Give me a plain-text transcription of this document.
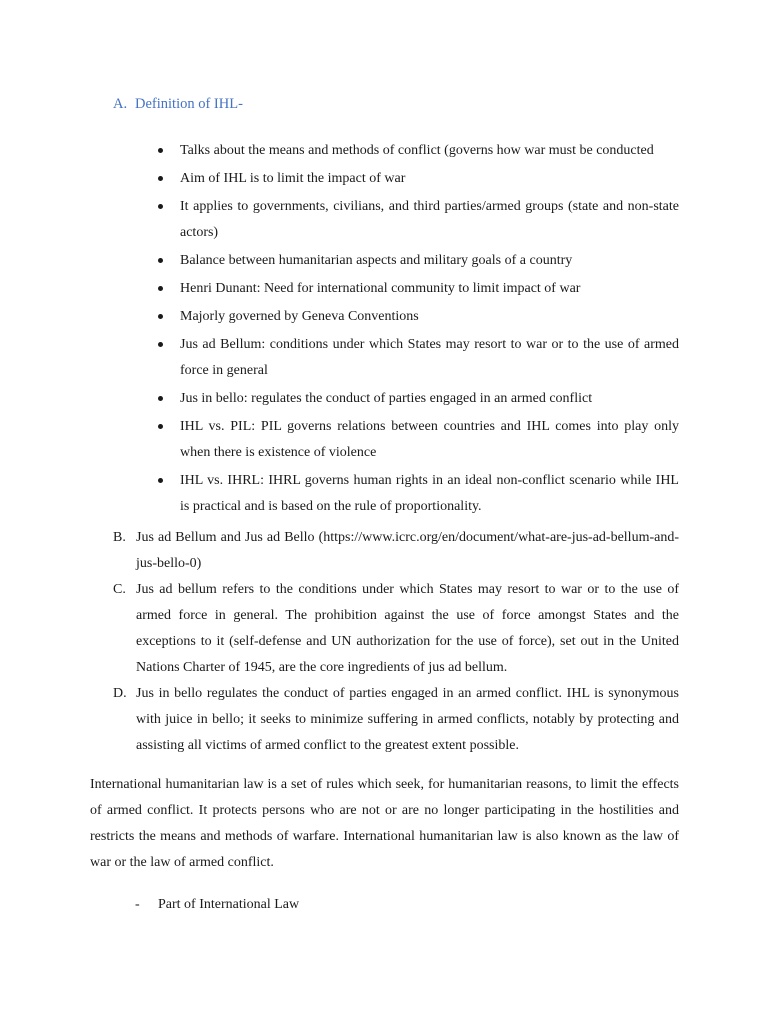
A. Definition of IHL-
Talks about the means and methods of conflict (governs how war must be conducted
Aim of IHL is to limit the impact of war
It applies to governments, civilians, and third parties/armed groups (state and non-state actors)
Balance between humanitarian aspects and military goals of a country
Henri Dunant: Need for international community to limit impact of war
Majorly governed by Geneva Conventions
Jus ad Bellum: conditions under which States may resort to war or to the use of armed force in general
Jus in bello: regulates the conduct of parties engaged in an armed conflict
IHL vs. PIL: PIL governs relations between countries and IHL comes into play only when there is existence of violence
IHL vs. IHRL: IHRL governs human rights in an ideal non-conflict scenario while IHL is practical and is based on the rule of proportionality.
B. Jus ad Bellum and Jus ad Bello (https://www.icrc.org/en/document/what-are-jus-ad-bellum-and-jus-bello-0)
C. Jus ad bellum refers to the conditions under which States may resort to war or to the use of armed force in general. The prohibition against the use of force amongst States and the exceptions to it (self-defense and UN authorization for the use of force), set out in the United Nations Charter of 1945, are the core ingredients of jus ad bellum.
D. Jus in bello regulates the conduct of parties engaged in an armed conflict. IHL is synonymous with juice in bello; it seeks to minimize suffering in armed conflicts, notably by protecting and assisting all victims of armed conflict to the greatest extent possible.
International humanitarian law is a set of rules which seek, for humanitarian reasons, to limit the effects of armed conflict. It protects persons who are not or are no longer participating in the hostilities and restricts the means and methods of warfare. International humanitarian law is also known as the law of war or the law of armed conflict.
- Part of International Law
